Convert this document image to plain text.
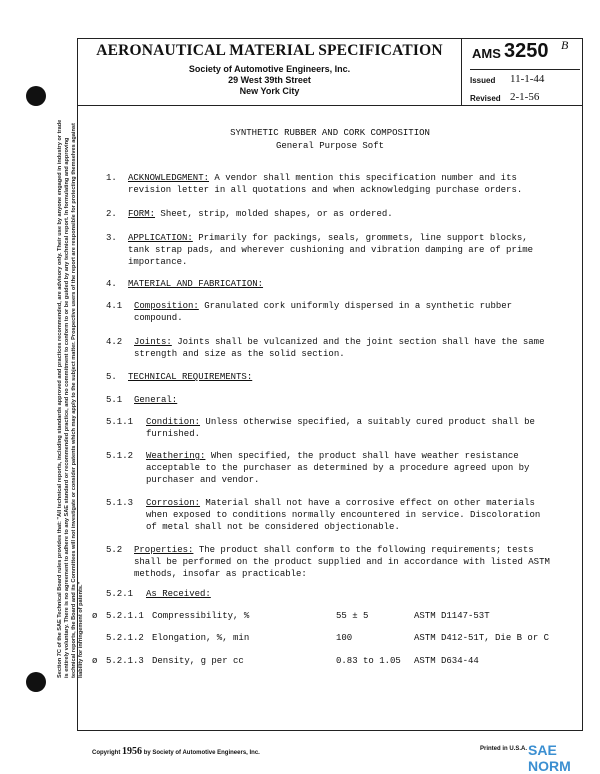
AERONAUTICAL MATERIAL SPECIFICATION
Society of Automotive Engineers, Inc.
29 West 39th Street
New York City
AMS 3250 B
Issued 11-1-44
Revised 2-1-56
Section 7C of the SAE Technical Board rules provides that: "All technical reports, including standards approved and practices recommended, are advisory only. Their use by anyone engaged in industry or trade is entirely voluntary. There is no agreement to adhere to any SAE standard or recommended practice, and no commitment to conform to or be guided by any technical report. In formulating and approving technical reports, the Board and its Committees will not investigate or consider patents which may apply to the subject matter. Prospective users of the report are responsible for protecting themselves against liability for infringement of patents."
SYNTHETIC RUBBER AND CORK COMPOSITION
General Purpose Soft
1. ACKNOWLEDGMENT: A vendor shall mention this specification number and its
revision letter in all quotations and when acknowledging purchase orders.
2. FORM: Sheet, strip, molded shapes, or as ordered.
3. APPLICATION: Primarily for packings, seals, grommets, line support blocks,
tank strap pads, and wherever cushioning and vibration damping are of prime
importance.
4. MATERIAL AND FABRICATION:
4.1 Composition: Granulated cork uniformly dispersed in a synthetic rubber
compound.
4.2 Joints: Joints shall be vulcanized and the joint section shall have the same
strength and size as the solid section.
5. TECHNICAL REQUIREMENTS:
5.1 General:
5.1.1 Condition: Unless otherwise specified, a suitably cured product shall be
furnished.
5.1.2 Weathering: When specified, the product shall have weather resistance
acceptable to the purchaser as determined by a procedure agreed upon by
purchaser and vendor.
5.1.3 Corrosion: Material shall not have a corrosive effect on other materials
when exposed to conditions normally encountered in service. Discoloration
of metal shall not be considered objectionable.
5.2 Properties: The product shall conform to the following requirements; tests
shall be performed on the product supplied and in accordance with listed ASTM
methods, insofar as practicable:
5.2.1 As Received:
ø 5.2.1.1 Compressibility, %	55 ± 5	ASTM D1147-53T
5.2.1.2 Elongation, %, min	100	ASTM D412-51T, Die B or C
ø 5.2.1.3 Density, g per cc	0.83 to 1.05 ASTM D634-44
Copyright 1956 by Society of Automotive Engineers, Inc.
Printed in U.S.A. SAE NORM
